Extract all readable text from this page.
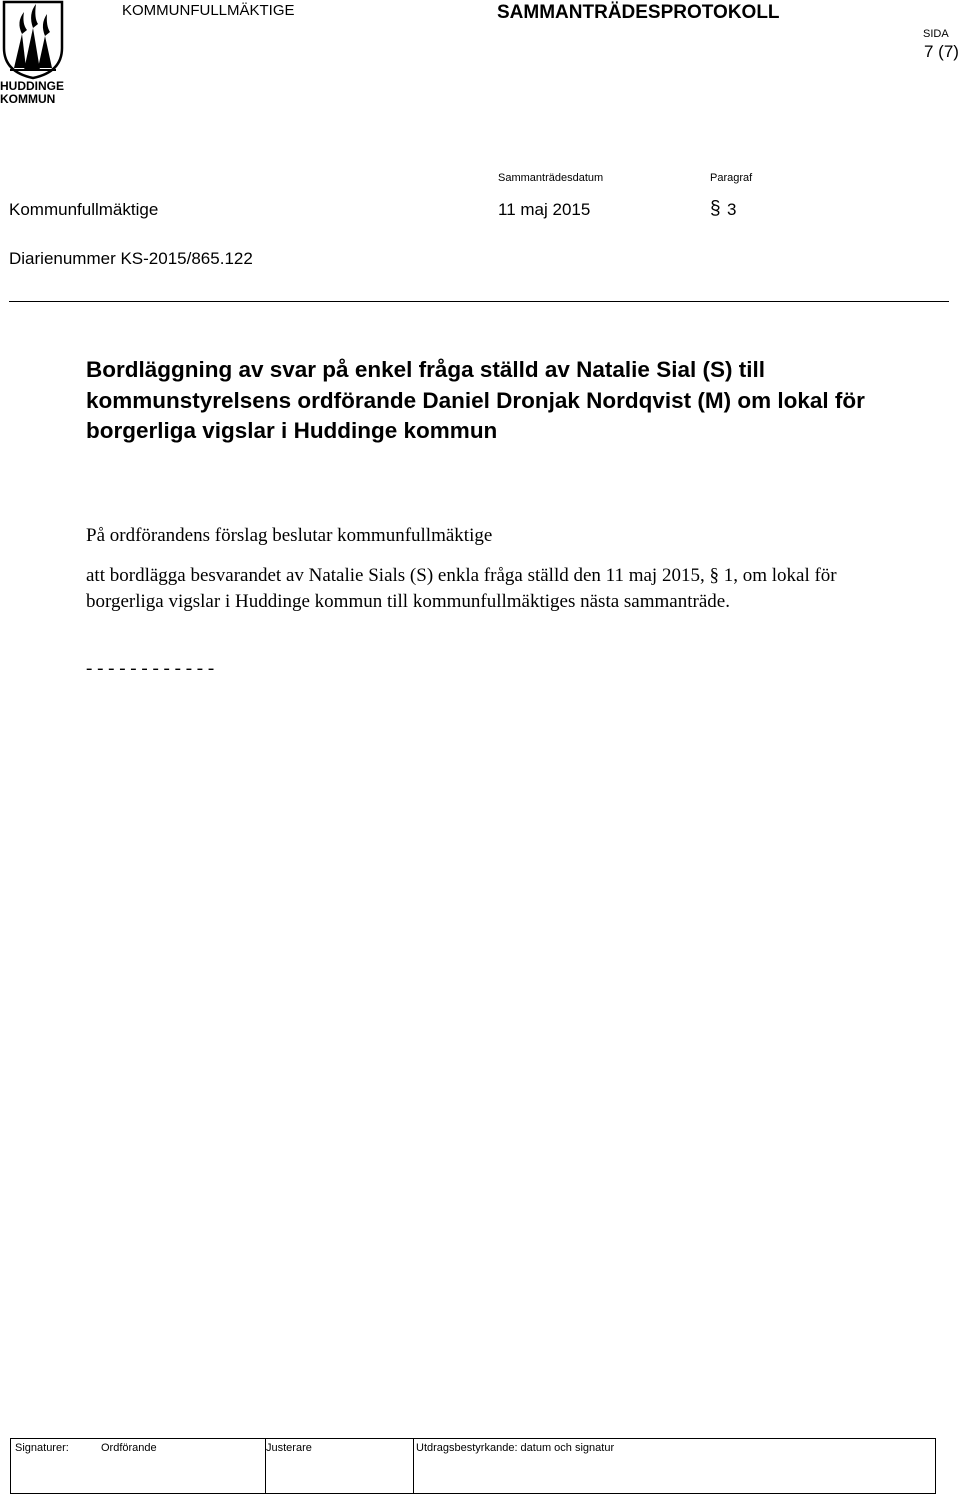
HUDDINGE KOMMUN
KOMMUNFULLMÄKTIGE	SAMMANTRÄDESPROTOKOLL
SIDA
7 (7)
Sammanträdesdatum	Paragraf
Kommunfullmäktige	11 maj 2015	§ 3
Diarienummer KS-2015/865.122
Bordläggning av svar på enkel fråga ställd av Natalie Sial (S) till kommunstyrelsens ordförande Daniel Dronjak Nordqvist (M) om lokal för borgerliga vigslar i Huddinge kommun
På ordförandens förslag beslutar kommunfullmäktige
att bordlägga besvarandet av Natalie Sials (S) enkla fråga ställd den 11 maj 2015, § 1, om lokal för borgerliga vigslar i Huddinge kommun till kommunfullmäktiges nästa sammanträde.
- - - - - - - - - - - -
Signaturer:	Ordförande	Justerare	Utdragsbestyrkande: datum och signatur
